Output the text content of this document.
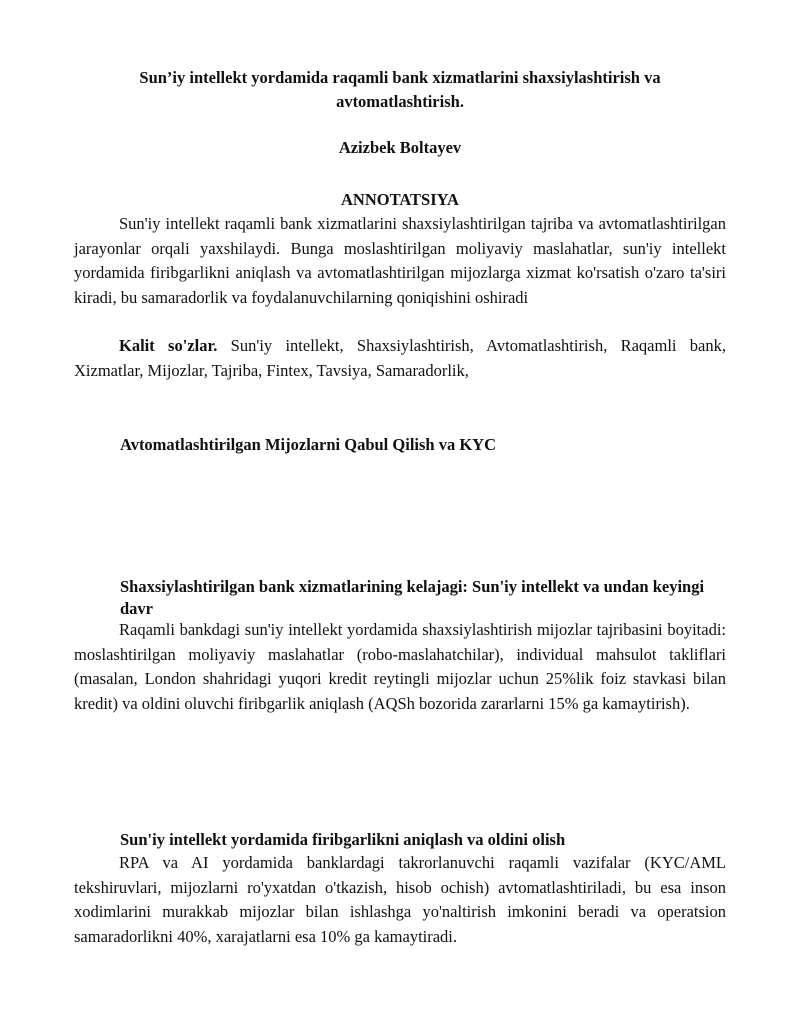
Sun’iy intellekt yordamida raqamli bank xizmatlarini shaxsiylashtirish va avtomatlashtirish.
Azizbek Boltayev
ANNOTATSIYA
Sun'iy intellekt raqamli bank xizmatlarini shaxsiylashtirilgan tajriba va avtomatlashtirilgan jarayonlar orqali yaxshilaydi. Bunga moslashtirilgan moliyaviy maslahatlar, sun'iy intellekt yordamida firibgarlikni aniqlash va avtomatlashtirilgan mijozlarga xizmat ko'rsatish o'zaro ta'siri kiradi, bu samaradorlik va foydalanuvchilarning qoniqishini oshiradi
Kalit so'zlar. Sun'iy intellekt, Shaxsiylashtirish, Avtomatlashtirish, Raqamli bank, Xizmatlar, Mijozlar, Tajriba, Fintex, Tavsiya, Samaradorlik,
Avtomatlashtirilgan Mijozlarni Qabul Qilish va KYC
Shaxsiylashtirilgan bank xizmatlarining kelajagi: Sun'iy intellekt va undan keyingi davr
Raqamli bankdagi sun'iy intellekt yordamida shaxsiylashtirish mijozlar tajribasini boyitadi: moslashtirilgan moliyaviy maslahatlar (robo-maslahatchilar), individual mahsulot takliflari (masalan, London shahridagi yuqori kredit reytingli mijozlar uchun 25%lik foiz stavkasi bilan kredit) va oldini oluvchi firibgarlik aniqlash (AQSh bozorida zararlarni 15% ga kamaytirish).
Sun'iy intellekt yordamida firibgarlikni aniqlash va oldini olish
RPA va AI yordamida banklardagi takrorlanuvchi raqamli vazifalar (KYC/AML tekshiruvlari, mijozlarni ro'yxatdan o'tkazish, hisob ochish) avtomatlashtiriladi, bu esa inson xodimlarini murakkab mijozlar bilan ishlashga yo'naltirish imkonini beradi va operatsion samaradorlikni 40%, xarajatlarni esa 10% ga kamaytiradi.
